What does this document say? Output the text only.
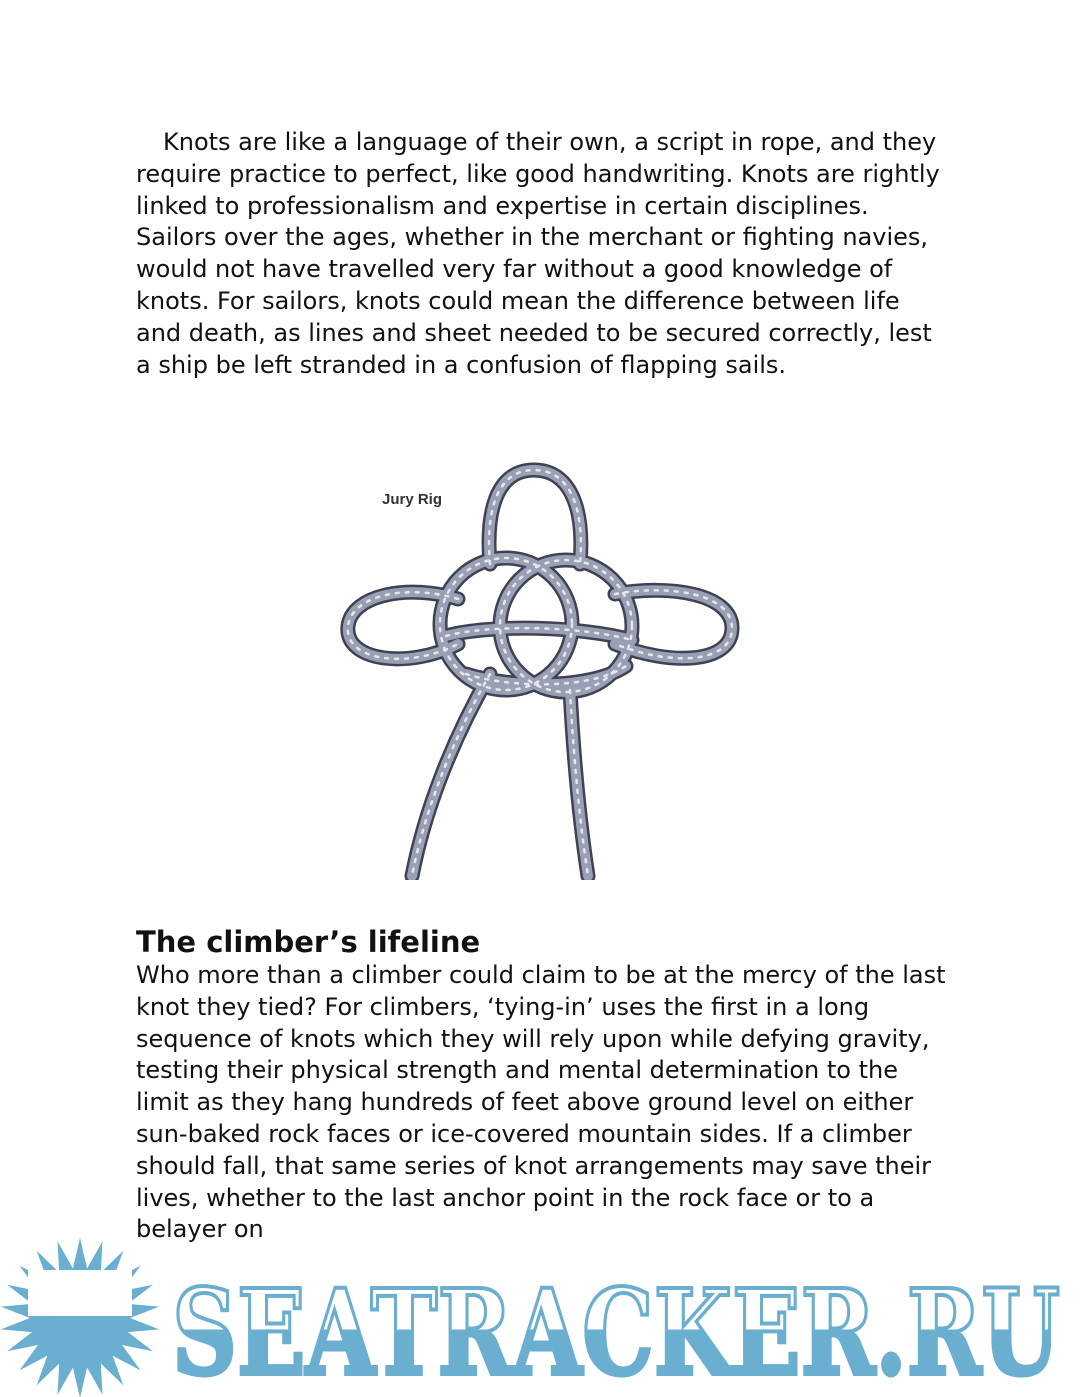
Knots are like a language of their own, a script in rope, and they require practice to perfect, like good handwriting. Knots are rightly linked to professionalism and expertise in certain disciplines. Sailors over the ages, whether in the merchant or fighting navies, would not have travelled very far without a good knowledge of knots. For sailors, knots could mean the difference between life and death, as lines and sheet needed to be secured correctly, lest a ship be left stranded in a confusion of flapping sails.

Jury Rig
The climber’s lifeline

Who more than a climber could claim to be at the mercy of the last knot they tied? For climbers, ‘tying-in’ uses the first in a long sequence of knots which they will rely upon while defying gravity, testing their physical strength and mental determination to the limit as they hang hundreds of feet above ground level on either sun-baked rock faces or ice-covered mountain sides. If a climber should fall, that same series of knot arrangements may save their lives, whether to the last anchor point in the rock face or to a belayer on

SEATRACKER.RU
